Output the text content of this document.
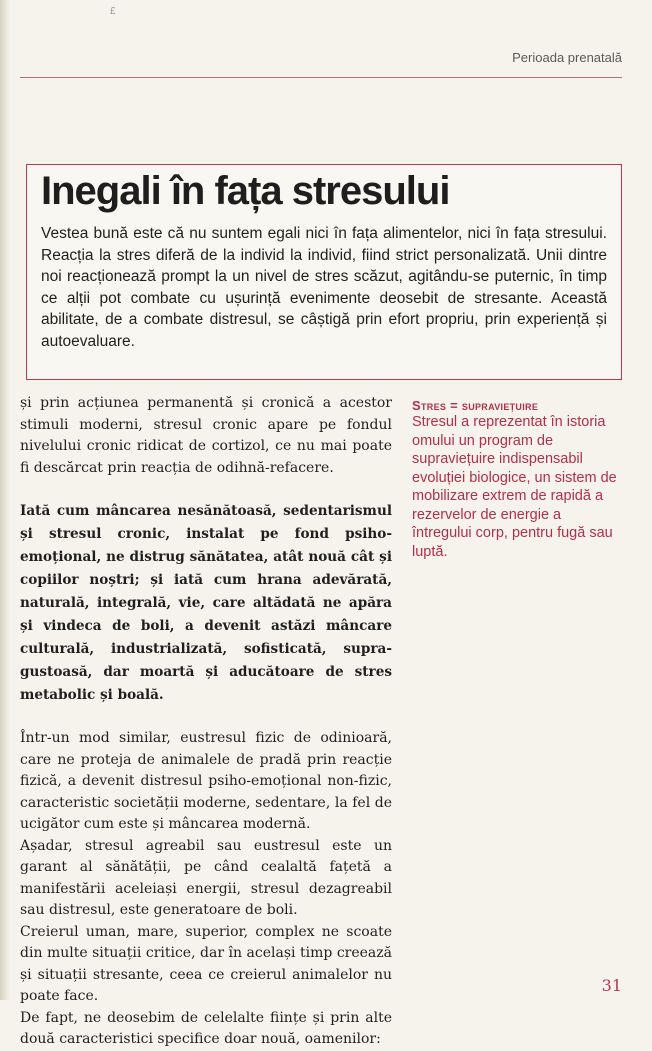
£
Perioada prenatală
Inegali în fața stresului

Vestea bună este că nu suntem egali nici în fața alimentelor, nici în fața stresului. Reacția la stres diferă de la individ la individ, fiind strict personalizată. Unii dintre noi reacționează prompt la un nivel de stres scăzut, agitându-se puternic, în timp ce alții pot combate cu ușurință evenimente deosebit de stresante. Această abilitate, de a combate distresul, se câștigă prin efort propriu, prin experiență și autoevaluare.

și prin acțiunea permanentă și cronică a acestor stimuli moderni, stresul cronic apare pe fondul nivelului cronic ridicat de cortizol, ce nu mai poate fi descărcat prin reacția de odihnă-refacere.

Iată cum mâncarea nesănătoasă, sedentarismul și stresul cronic, instalat pe fond psiho-emoțional, ne distrug sănătatea, atât nouă cât și copiilor noștri; și iată cum hrana adevărată, naturală, integrală, vie, care altădată ne apăra și vindeca de boli, a devenit astăzi mâncare culturală, industrializată, sofisticată, supra-gustoasă, dar moartă și aducătoare de stres metabolic și boală.

Într-un mod similar, eustresul fizic de odinioară, care ne proteja de animalele de pradă prin reacție fizică, a devenit distresul psiho-emoțional non-fizic, caracteristic societății moderne, sedentare, la fel de ucigător cum este și mâncarea modernă.

Așadar, stresul agreabil sau eustresul este un garant al sănătății, pe când cealaltă fațetă a manifestării aceleiași energii, stresul dezagreabil sau distresul, este generatoare de boli.

Creierul uman, mare, superior, complex ne scoate din multe situații critice, dar în același timp creează și situații stresante, ceea ce creierul animalelor nu poate face.

De fapt, ne deosebim de celelalte ființe și prin alte două caracteristici specifice doar nouă, oamenilor:

Stres = supraviețuire

Stresul a reprezentat în istoria omului un program de supraviețuire indispensabil evoluției biologice, un sistem de mobilizare extrem de rapidă a rezervelor de energie a întregului corp, pentru fugă sau luptă.

31
